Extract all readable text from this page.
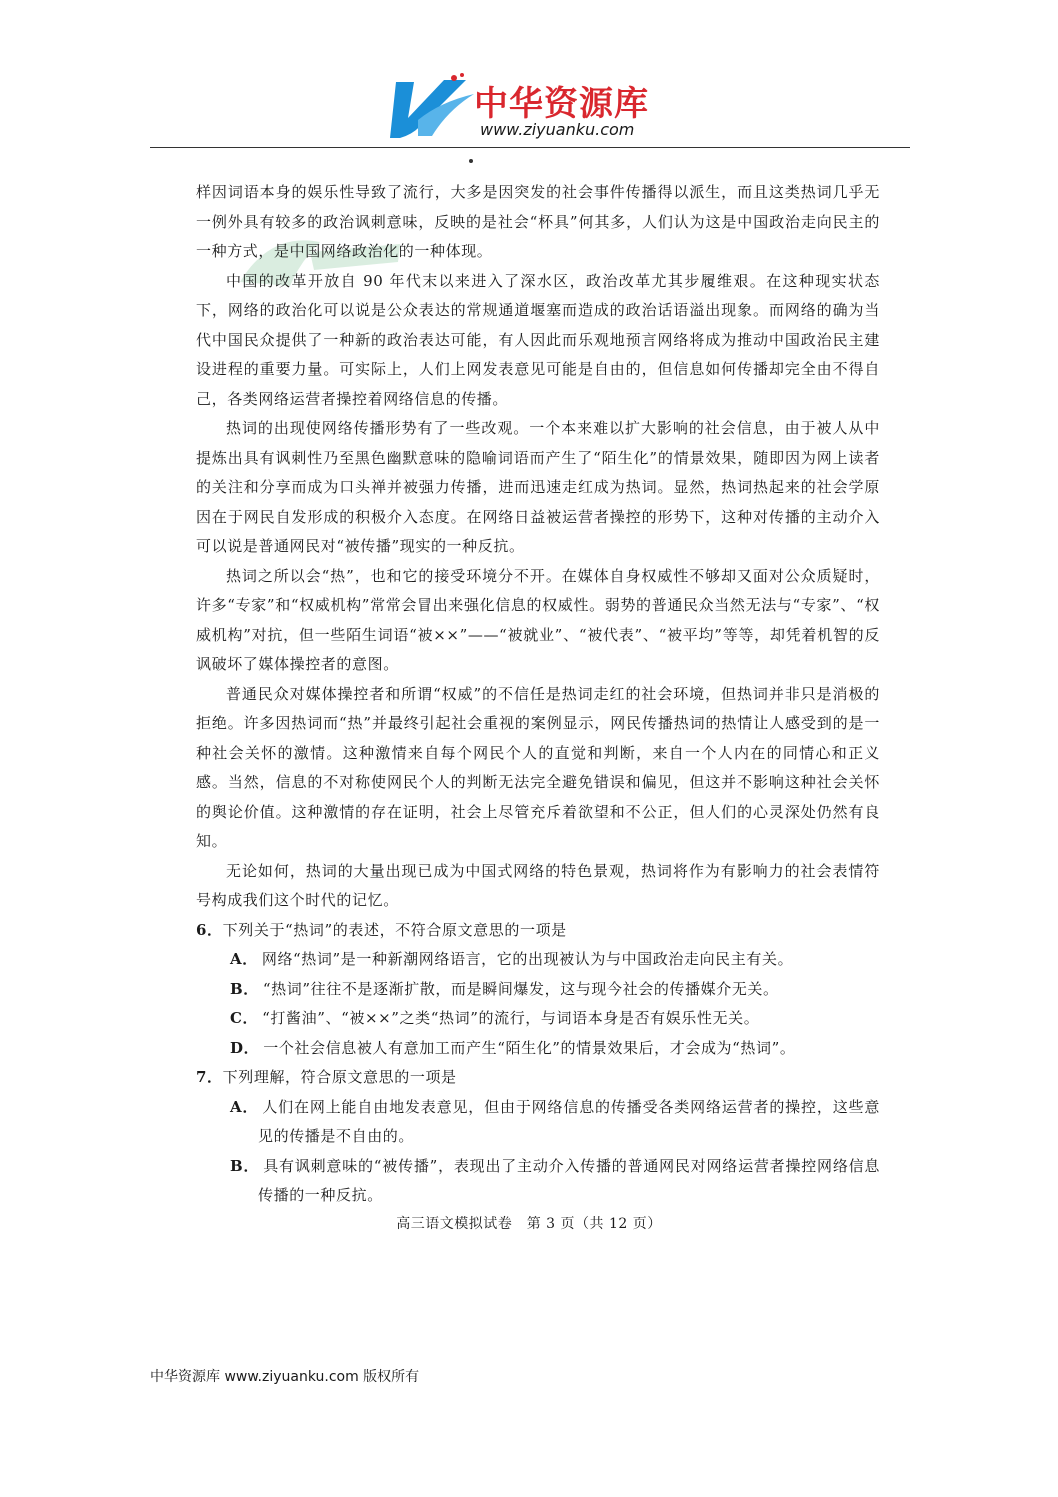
中华资源库
www.ziyuanku.com

样因词语本身的娱乐性导致了流行，大多是因突发的社会事件传播得以派生，而且这类热词几乎无一例外具有较多的政治讽刺意味，反映的是社会“杯具”何其多，人们认为这是中国政治走向民主的一种方式，是中国网络政治化的一种体现。

中国的改革开放自 90 年代末以来进入了深水区，政治改革尤其步履维艰。在这种现实状态下，网络的政治化可以说是公众表达的常规通道堰塞而造成的政治话语溢出现象。而网络的确为当代中国民众提供了一种新的政治表达可能，有人因此而乐观地预言网络将成为推动中国政治民主建设进程的重要力量。可实际上，人们上网发表意见可能是自由的，但信息如何传播却完全由不得自己，各类网络运营者操控着网络信息的传播。

热词的出现使网络传播形势有了一些改观。一个本来难以扩大影响的社会信息，由于被人从中提炼出具有讽刺性乃至黑色幽默意味的隐喻词语而产生了“陌生化”的情景效果，随即因为网上读者的关注和分享而成为口头禅并被强力传播，进而迅速走红成为热词。显然，热词热起来的社会学原因在于网民自发形成的积极介入态度。在网络日益被运营者操控的形势下，这种对传播的主动介入可以说是普通网民对“被传播”现实的一种反抗。

热词之所以会“热”，也和它的接受环境分不开。在媒体自身权威性不够却又面对公众质疑时，许多“专家”和“权威机构”常常会冒出来强化信息的权威性。弱势的普通民众当然无法与“专家”、“权威机构”对抗，但一些陌生词语“被××”——“被就业”、“被代表”、“被平均”等等，却凭着机智的反讽破坏了媒体操控者的意图。

普通民众对媒体操控者和所谓“权威”的不信任是热词走红的社会环境，但热词并非只是消极的拒绝。许多因热词而“热”并最终引起社会重视的案例显示，网民传播热词的热情让人感受到的是一种社会关怀的激情。这种激情来自每个网民个人的直觉和判断，来自一个人内在的同情心和正义感。当然，信息的不对称使网民个人的判断无法完全避免错误和偏见，但这并不影响这种社会关怀的舆论价值。这种激情的存在证明，社会上尽管充斥着欲望和不公正，但人们的心灵深处仍然有良知。

无论如何，热词的大量出现已成为中国式网络的特色景观，热词将作为有影响力的社会表情符号构成我们这个时代的记忆。

6．下列关于“热词”的表述，不符合原文意思的一项是
A． 网络“热词”是一种新潮网络语言，它的出现被认为与中国政治走向民主有关。
B． “热词”往往不是逐渐扩散，而是瞬间爆发，这与现今社会的传播媒介无关。
C． “打酱油”、“被××”之类“热词”的流行，与词语本身是否有娱乐性无关。
D． 一个社会信息被人有意加工而产生“陌生化”的情景效果后，才会成为“热词”。
7．下列理解，符合原文意思的一项是
A． 人们在网上能自由地发表意见，但由于网络信息的传播受各类网络运营者的操控，这些意见的传播是不自由的。
B． 具有讽刺意味的“被传播”，表现出了主动介入传播的普通网民对网络运营者操控网络信息传播的一种反抗。
高三语文模拟试卷　第 3 页（共 12 页）
中华资源库 www.ziyuanku.com 版权所有
